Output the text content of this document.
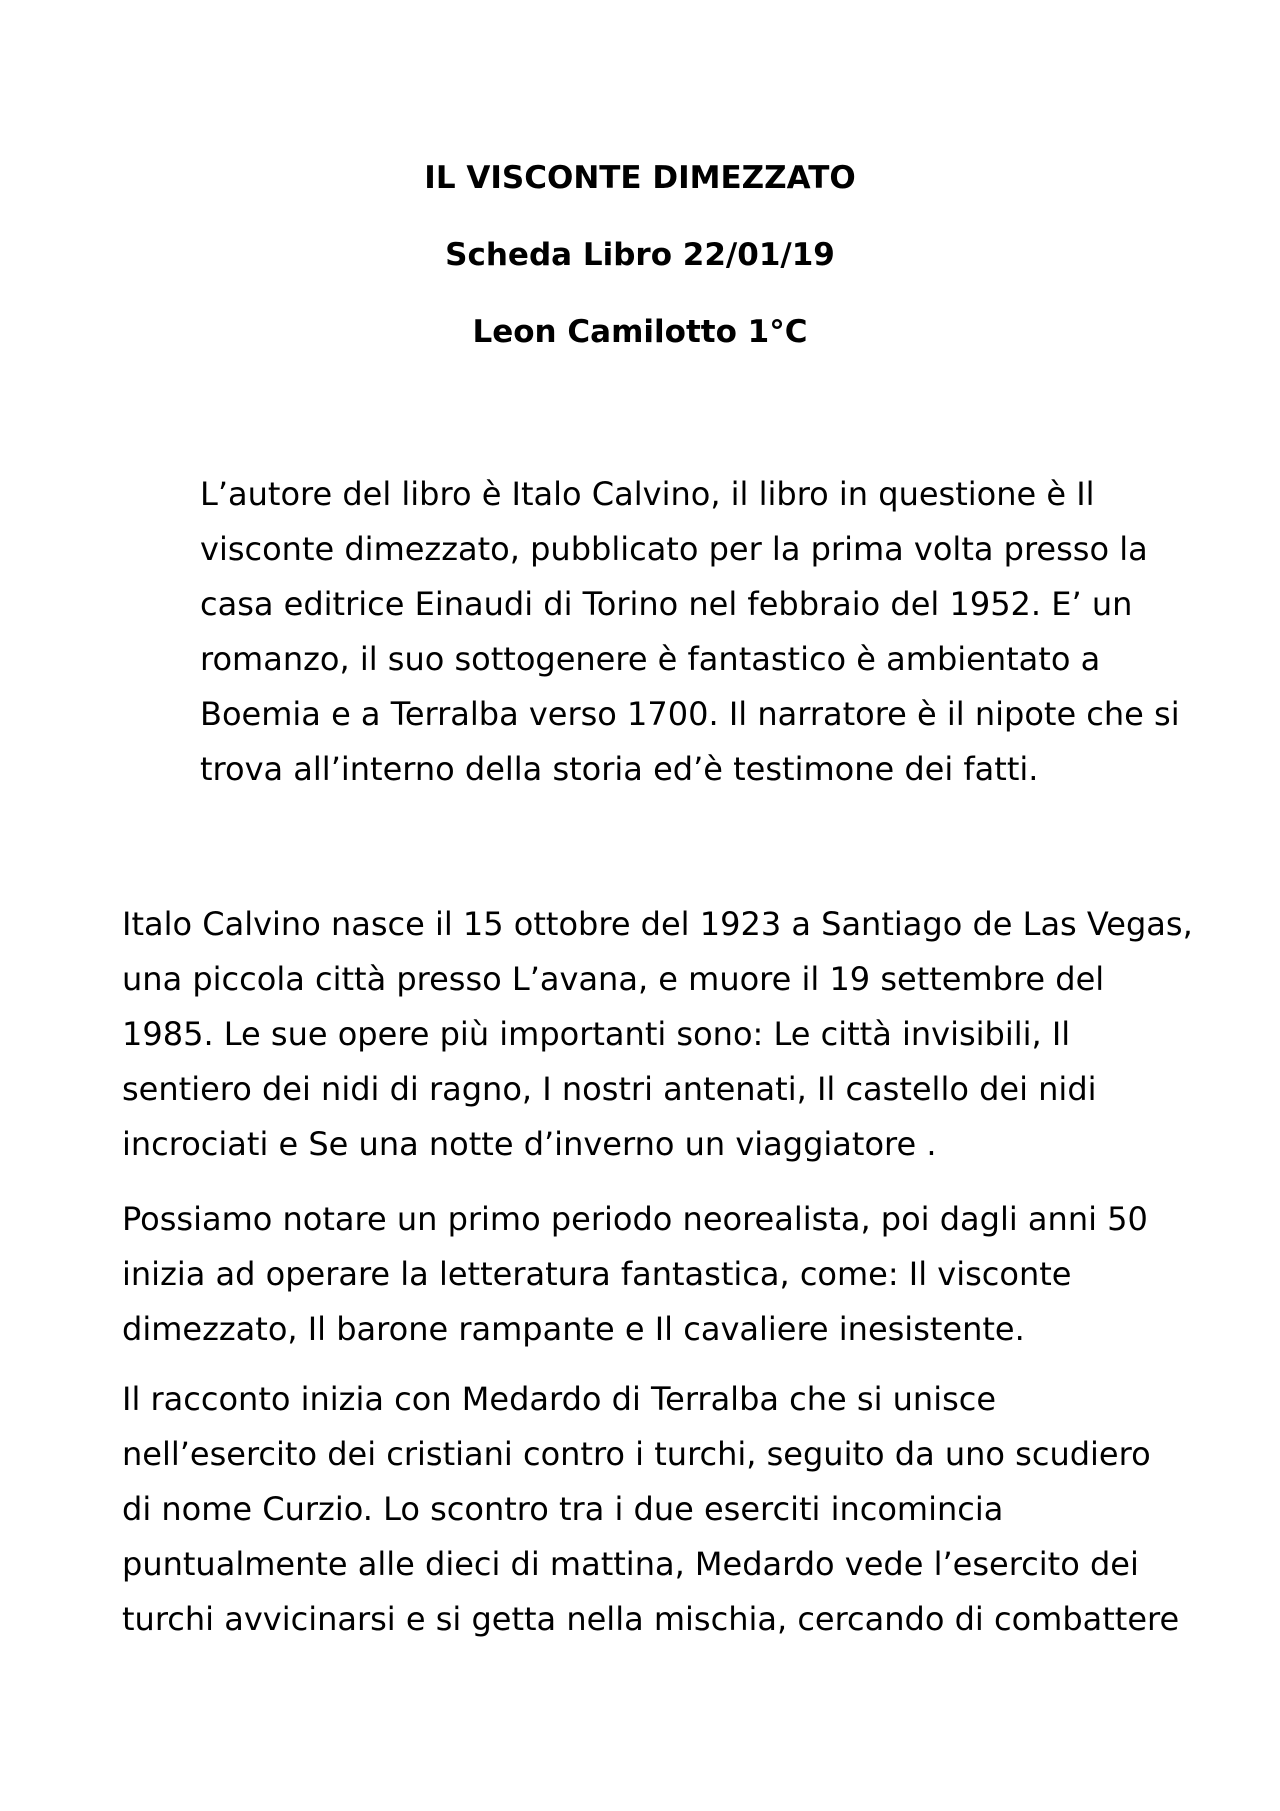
IL VISCONTE DIMEZZATO
Scheda Libro 22/01/19
Leon Camilotto 1°C

L’autore del libro è Italo Calvino, il libro in questione è Il
visconte dimezzato, pubblicato per la prima volta presso la
casa editrice Einaudi di Torino nel febbraio del 1952. E’ un
romanzo, il suo sottogenere è fantastico è ambientato a
Boemia e a Terralba verso 1700. Il narratore è il nipote che si
trova all’interno della storia ed’è testimone dei fatti.

Italo Calvino nasce il 15 ottobre del 1923 a Santiago de Las Vegas,
una piccola città presso L’avana, e muore il 19 settembre del
1985. Le sue opere più importanti sono: Le città invisibili, Il
sentiero dei nidi di ragno, I nostri antenati, Il castello dei nidi
incrociati e Se una notte d’inverno un viaggiatore .

Possiamo notare un primo periodo neorealista, poi dagli anni 50
inizia ad operare la letteratura fantastica, come: Il visconte
dimezzato, Il barone rampante e Il cavaliere inesistente.

Il racconto inizia con Medardo di Terralba che si unisce
nell’esercito dei cristiani contro i turchi, seguito da uno scudiero
di nome Curzio. Lo scontro tra i due eserciti incomincia
puntualmente alle dieci di mattina, Medardo vede l’esercito dei
turchi avvicinarsi e si getta nella mischia, cercando di combattere
